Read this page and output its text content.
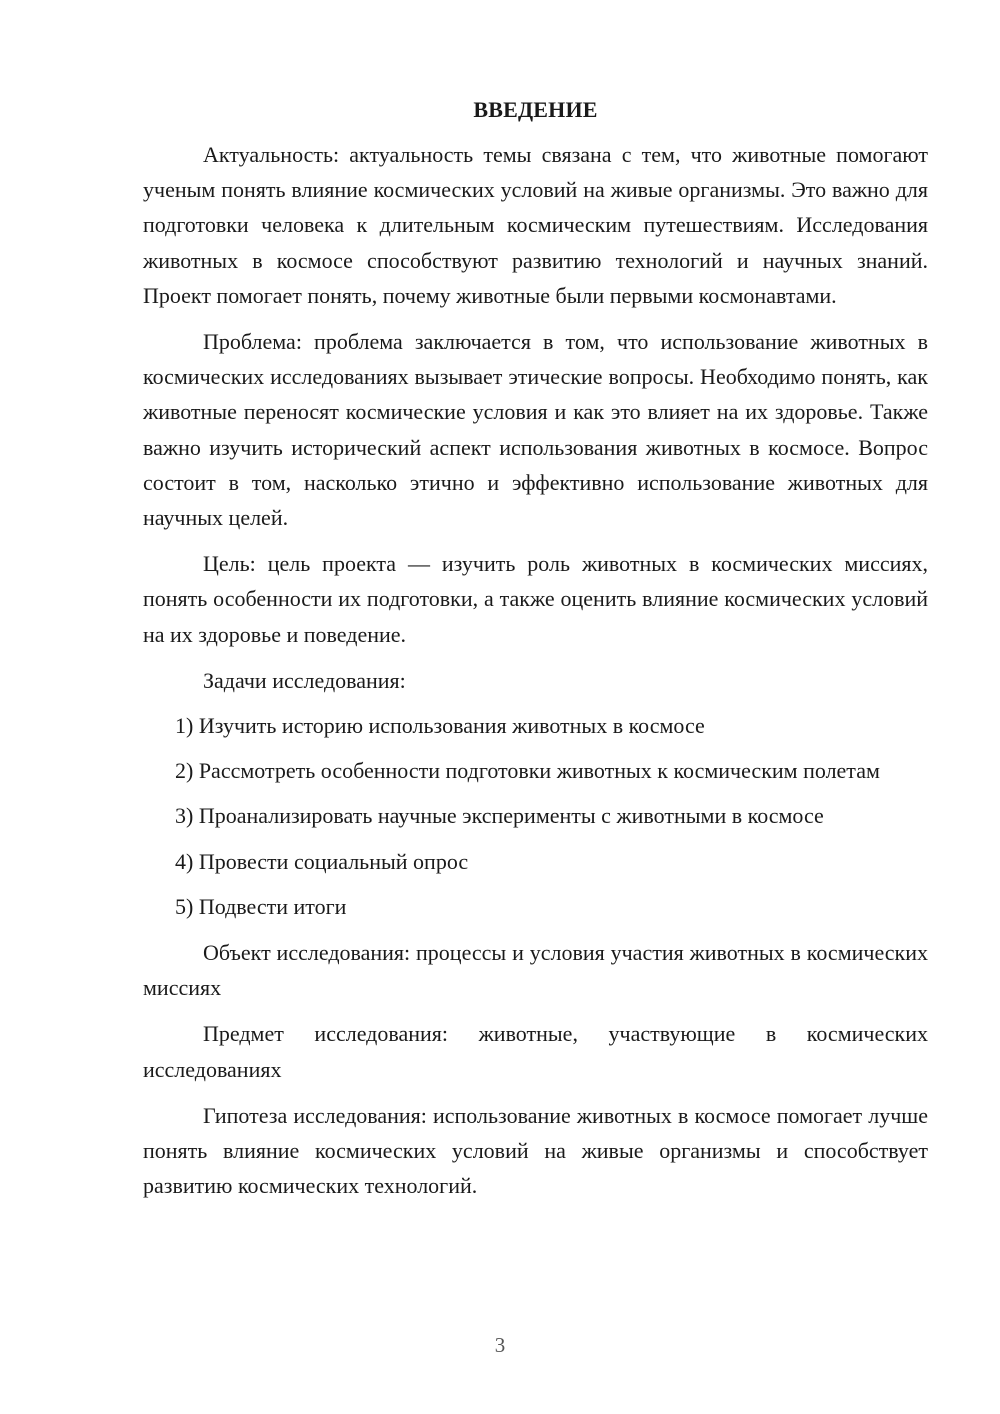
ВВЕДЕНИЕ

Актуальность: актуальность темы связана с тем, что животные помогают ученым понять влияние космических условий на живые организмы. Это важно для подготовки человека к длительным космическим путешествиям. Исследования животных в космосе способствуют развитию технологий и научных знаний. Проект помогает понять, почему животные были первыми космонавтами.

Проблема: проблема заключается в том, что использование животных в космических исследованиях вызывает этические вопросы. Необходимо понять, как животные переносят космические условия и как это влияет на их здоровье. Также важно изучить исторический аспект использования животных в космосе. Вопрос состоит в том, насколько этично и эффективно использование животных для научных целей.

Цель: цель проекта — изучить роль животных в космических миссиях, понять особенности их подготовки, а также оценить влияние космических условий на их здоровье и поведение.

Задачи исследования:

1) Изучить историю использования животных в космосе

2) Рассмотреть особенности подготовки животных к космическим полетам

3) Проанализировать научные эксперименты с животными в космосе

4) Провести социальный опрос

5) Подвести итоги

Объект исследования: процессы и условия участия животных в космических миссиях

Предмет исследования: животные, участвующие в космических исследованиях

Гипотеза исследования: использование животных в космосе помогает лучше понять влияние космических условий на живые организмы и способствует развитию космических технологий.

3
